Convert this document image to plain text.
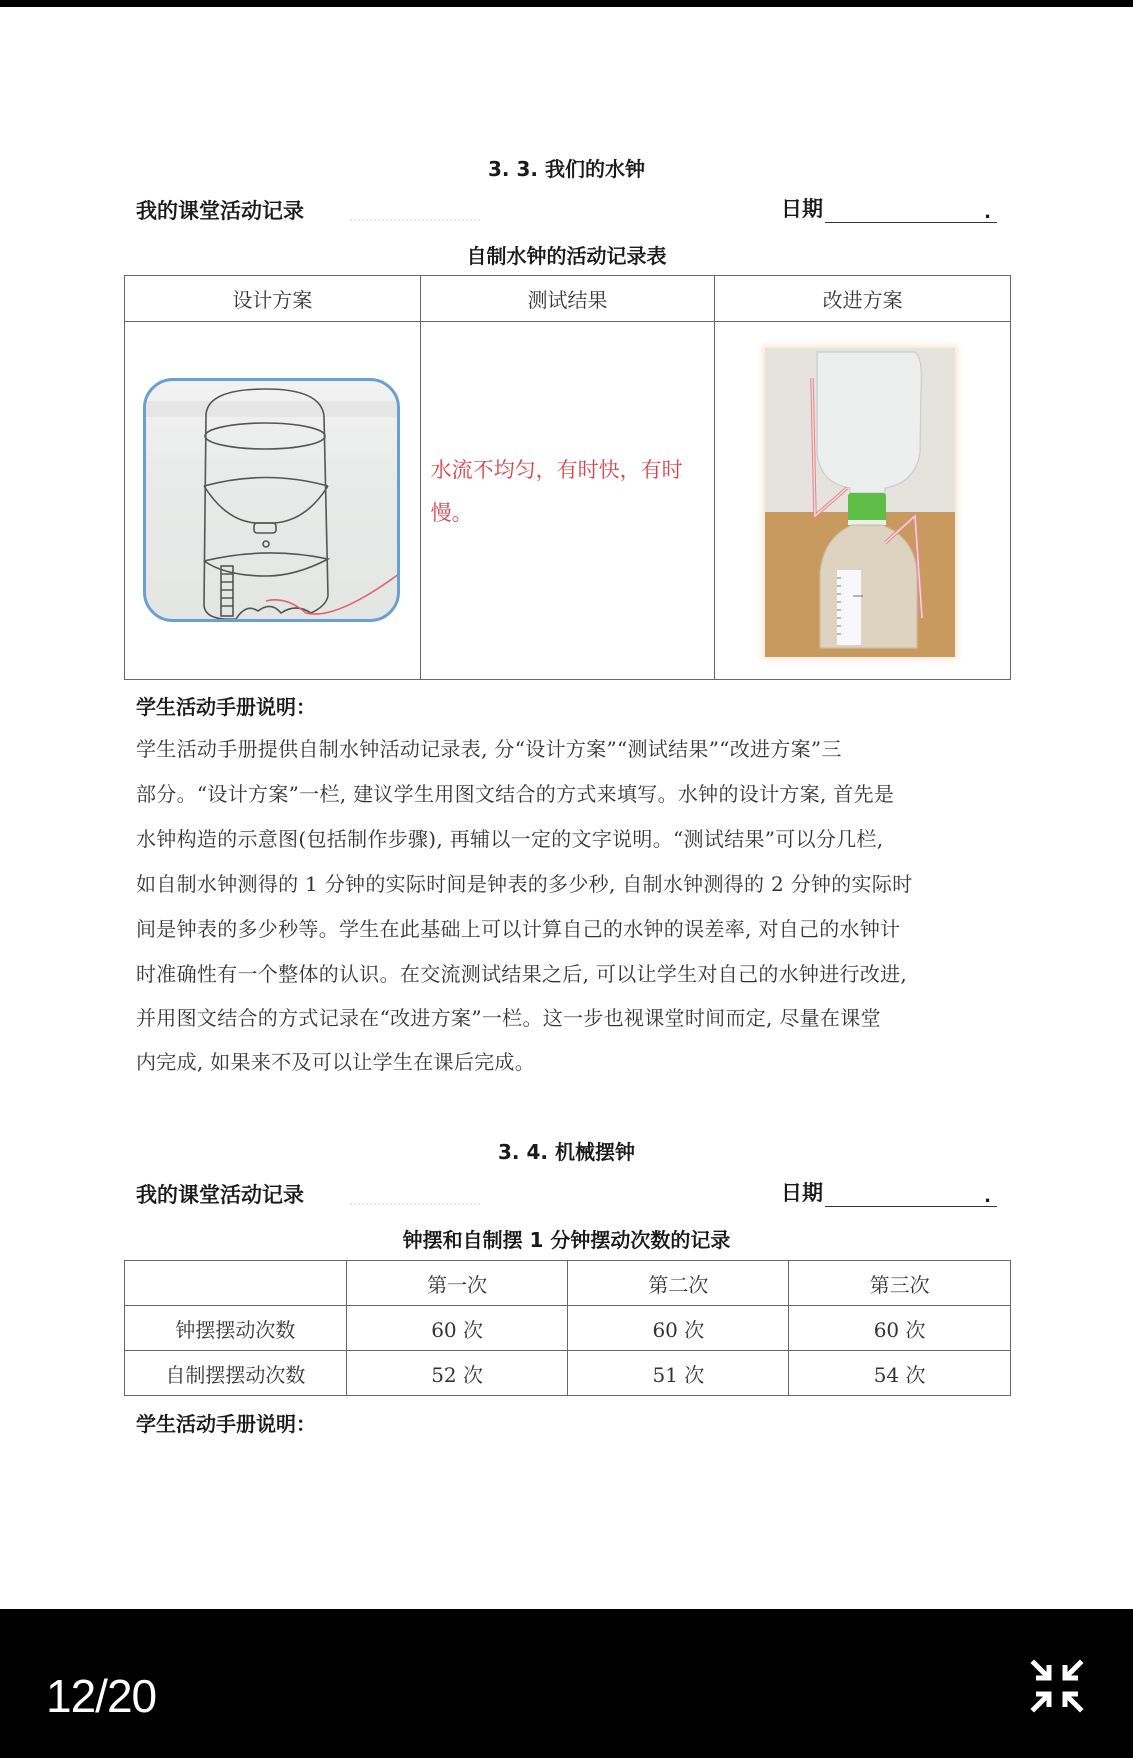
3. 3. 我们的水钟
我的课堂活动记录	日期	.
自制水钟的活动记录表
设计方案	测试结果	改进方案

	水流不均匀，有时快，有时
慢。	

学生活动手册说明：
学生活动手册提供自制水钟活动记录表, 分“设计方案”“测试结果”“改进方案”三
部分。“设计方案”一栏, 建议学生用图文结合的方式来填写。水钟的设计方案, 首先是
水钟构造的示意图(包括制作步骤), 再辅以一定的文字说明。“测试结果”可以分几栏,
如自制水钟测得的 1 分钟的实际时间是钟表的多少秒, 自制水钟测得的 2 分钟的实际时
间是钟表的多少秒等。学生在此基础上可以计算自己的水钟的误差率, 对自己的水钟计
时准确性有一个整体的认识。在交流测试结果之后, 可以让学生对自己的水钟进行改进,
并用图文结合的方式记录在“改进方案”一栏。这一步也视课堂时间而定, 尽量在课堂
内完成, 如果来不及可以让学生在课后完成。
3. 4. 机械摆钟
我的课堂活动记录	日期	.
钟摆和自制摆 1 分钟摆动次数的记录
	第一次	第二次	第三次
钟摆摆动次数	60 次	60 次	60 次
自制摆摆动次数	52 次	51 次	54 次
学生活动手册说明：
12/20
